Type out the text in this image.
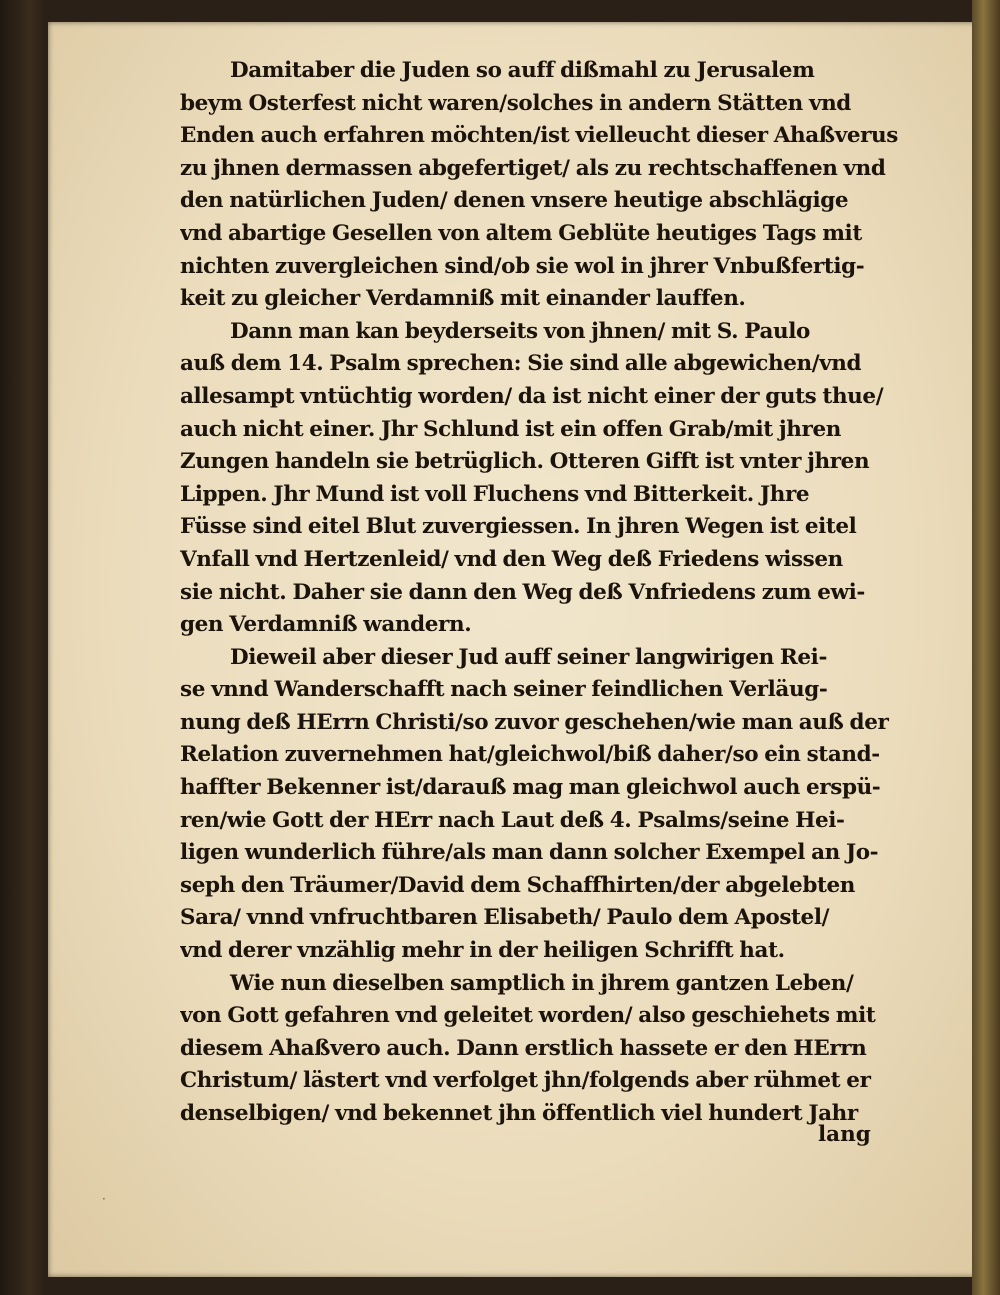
Damitaber die Juden so auff dißmahl zu Jerusalem
beym Osterfest nicht waren/solches in andern Stätten vnd
Enden auch erfahren möchten/ist vielleucht dieser Ahaßverus
zu jhnen dermassen abgefertiget/ als zu rechtschaffenen vnd
den natürlichen Juden/ denen vnsere heutige abschlägige
vnd abartige Gesellen von altem Geblüte heutiges Tags mit
nichten zuvergleichen sind/ob sie wol in jhrer Vnbußfertig-
keit zu gleicher Verdamniß mit einander lauffen.
Dann man kan beyderseits von jhnen/ mit S. Paulo
auß dem 14. Psalm sprechen: Sie sind alle abgewichen/vnd
allesampt vntüchtig worden/ da ist nicht einer der guts thue/
auch nicht einer. Jhr Schlund ist ein offen Grab/mit jhren
Zungen handeln sie betrüglich. Otteren Gifft ist vnter jhren
Lippen. Jhr Mund ist voll Fluchens vnd Bitterkeit. Jhre
Füsse sind eitel Blut zuvergiessen. In jhren Wegen ist eitel
Vnfall vnd Hertzenleid/ vnd den Weg deß Friedens wissen
sie nicht. Daher sie dann den Weg deß Vnfriedens zum ewi-
gen Verdamniß wandern.
Dieweil aber dieser Jud auff seiner langwirigen Rei-
se vnnd Wanderschafft nach seiner feindlichen Verläug-
nung deß HErrn Christi/so zuvor geschehen/wie man auß der
Relation zuvernehmen hat/gleichwol/biß daher/so ein stand-
haffter Bekenner ist/darauß mag man gleichwol auch erspü-
ren/wie Gott der HErr nach Laut deß 4. Psalms/seine Hei-
ligen wunderlich führe/als man dann solcher Exempel an Jo-
seph den Träumer/David dem Schaffhirten/der abgelebten
Sara/ vnnd vnfruchtbaren Elisabeth/ Paulo dem Apostel/
vnd derer vnzählig mehr in der heiligen Schrifft hat.
Wie nun dieselben samptlich in jhrem gantzen Leben/
von Gott gefahren vnd geleitet worden/ also geschiehets mit
diesem Ahaßvero auch. Dann erstlich hassete er den HErrn
Christum/ lästert vnd verfolget jhn/folgends aber rühmet er
denselbigen/ vnd bekennet jhn öffentlich viel hundert Jahr
lang
·
